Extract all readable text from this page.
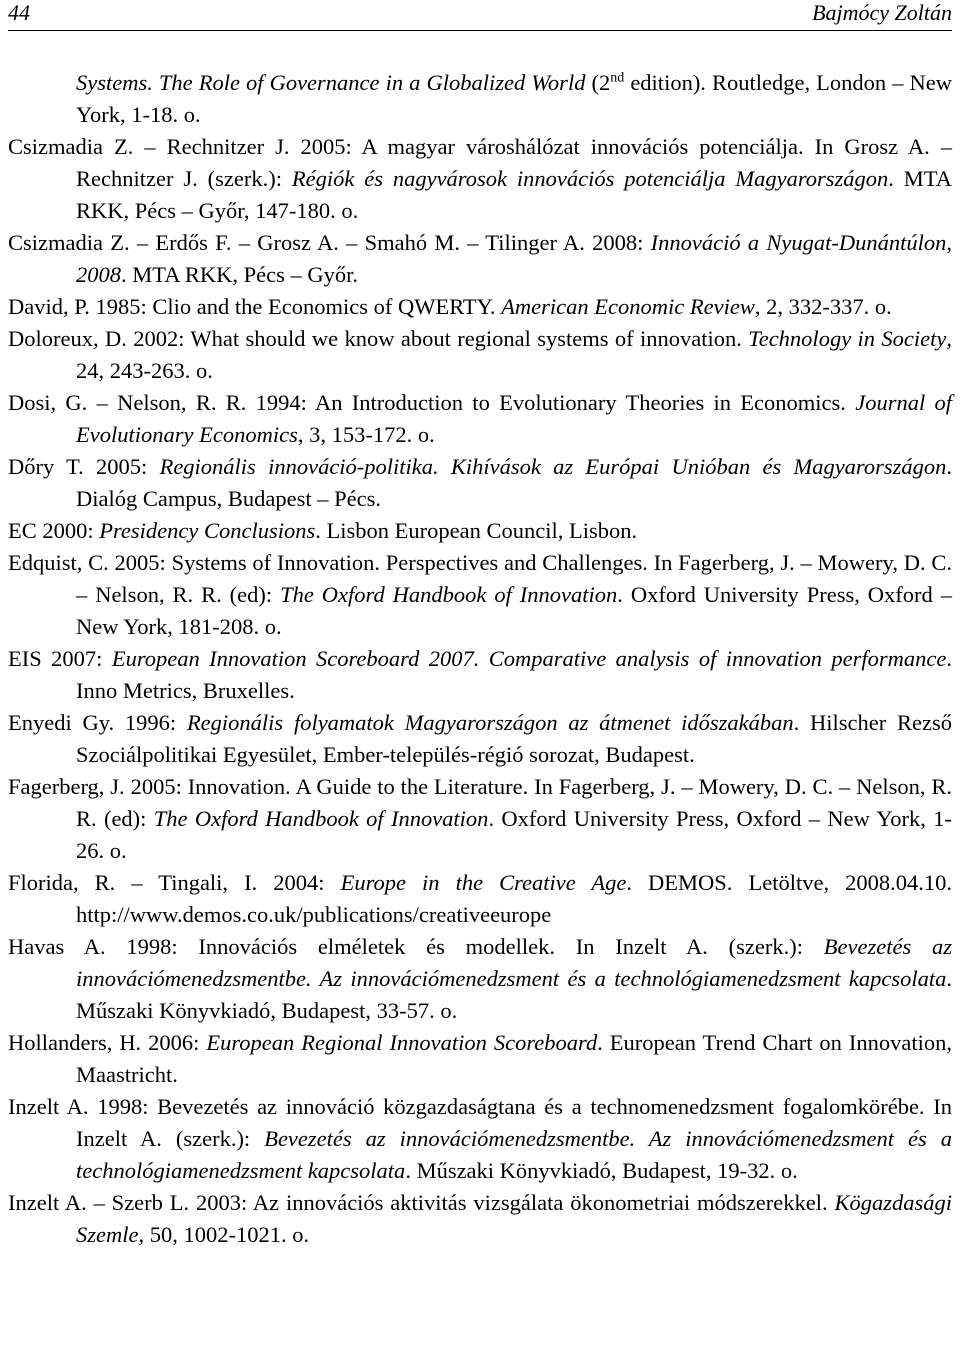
44	Bajmócy Zoltán

Systems. The Role of Governance in a Globalized World (2nd edition). Routledge, London – New York, 1-18. o.

Csizmadia Z. – Rechnitzer J. 2005: A magyar városhálózat innovációs potenciálja. In Grosz A. – Rechnitzer J. (szerk.): Régiók és nagyvárosok innovációs potenciálja Magyarországon. MTA RKK, Pécs – Győr, 147-180. o.

Csizmadia Z. – Erdős F. – Grosz A. – Smahó M. – Tilinger A. 2008: Innováció a Nyugat-Dunántúlon, 2008. MTA RKK, Pécs – Győr.

David, P. 1985: Clio and the Economics of QWERTY. American Economic Review, 2, 332-337. o.

Doloreux, D. 2002: What should we know about regional systems of innovation. Technology in Society, 24, 243-263. o.

Dosi, G. – Nelson, R. R. 1994: An Introduction to Evolutionary Theories in Economics. Journal of Evolutionary Economics, 3, 153-172. o.

Dőry T. 2005: Regionális innováció-politika. Kihívások az Európai Unióban és Magyarországon. Dialóg Campus, Budapest – Pécs.

EC 2000: Presidency Conclusions. Lisbon European Council, Lisbon.

Edquist, C. 2005: Systems of Innovation. Perspectives and Challenges. In Fagerberg, J. – Mowery, D. C. – Nelson, R. R. (ed): The Oxford Handbook of Innovation. Oxford University Press, Oxford – New York, 181-208. o.

EIS 2007: European Innovation Scoreboard 2007. Comparative analysis of innovation performance. Inno Metrics, Bruxelles.

Enyedi Gy. 1996: Regionális folyamatok Magyarországon az átmenet időszakában. Hilscher Rezső Szociálpolitikai Egyesület, Ember-település-régió sorozat, Budapest.

Fagerberg, J. 2005: Innovation. A Guide to the Literature. In Fagerberg, J. – Mowery, D. C. – Nelson, R. R. (ed): The Oxford Handbook of Innovation. Oxford University Press, Oxford – New York, 1-26. o.

Florida, R. – Tingali, I. 2004: Europe in the Creative Age. DEMOS. Letöltve, 2008.04.10. http://www.demos.co.uk/publications/creativeeurope

Havas A. 1998: Innovációs elméletek és modellek. In Inzelt A. (szerk.): Bevezetés az innovációmenedzsmentbe. Az innovációmenedzsment és a technológiamenedzsment kapcsolata. Műszaki Könyvkiadó, Budapest, 33-57. o.

Hollanders, H. 2006: European Regional Innovation Scoreboard. European Trend Chart on Innovation, Maastricht.

Inzelt A. 1998: Bevezetés az innováció közgazdaságtana és a technomenedzsment fogalomkörébe. In Inzelt A. (szerk.): Bevezetés az innovációmenedzsmentbe. Az innovációmenedzsment és a technológiamenedzsment kapcsolata. Műszaki Könyvkiadó, Budapest, 19-32. o.

Inzelt A. – Szerb L. 2003: Az innovációs aktivitás vizsgálata ökonometriai módszerekkel. Kögazdasági Szemle, 50, 1002-1021. o.
